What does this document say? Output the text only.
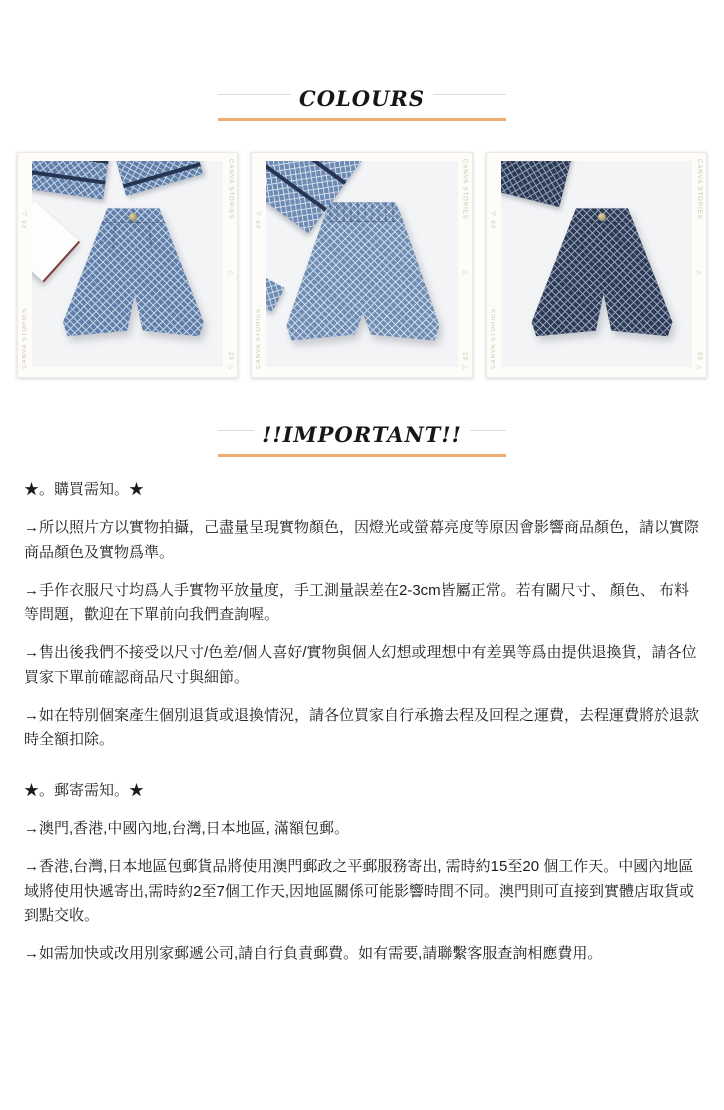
COLOURS
23 ▷
CANVA STORIES
CANVA STORIES
▷
23 ▷
23 ▷
CANVA STORIES
CANVA STORIES
▷
23 ▷
23 ▷
CANVA STORIES
CANVA STORIES
▷
23 ▷
!!IMPORTANT!!
★。購買需知。★

→所以照片方以實物拍攝，己盡量呈現實物顏色，因燈光或螢幕亮度等原因會影響商品顏色，請以實際商品顏色及實物爲準。

→手作衣服尺寸均爲人手實物平放量度，手工測量誤差在2-3cm皆屬正常。若有關尺寸、 顏色、 布料等問題，歡迎在下單前向我們查詢喔。

→售出後我們不接受以尺寸/色差/個人喜好/實物與個人幻想或理想中有差異等爲由提供退換貨，請各位買家下單前確認商品尺寸與細節。

→如在特別個案產生個別退貨或退換情況，請各位買家自行承擔去程及回程之運費，去程運費將於退款時全額扣除。

★。郵寄需知。★

→澳門,香港,中國內地,台灣,日本地區, 滿額包郵。

→香港,台灣,日本地區包郵貨品將使用澳門郵政之平郵服務寄出, 需時約15至20 個工作天。中國內地區域將使用快遞寄出,需時約2至7個工作天,因地區關係可能影響時間不同。澳門則可直接到實體店取貨或到點交收。

→如需加快或改用別家郵遞公司,請自行負責郵費。如有需要,請聯繫客服查詢相應費用。
